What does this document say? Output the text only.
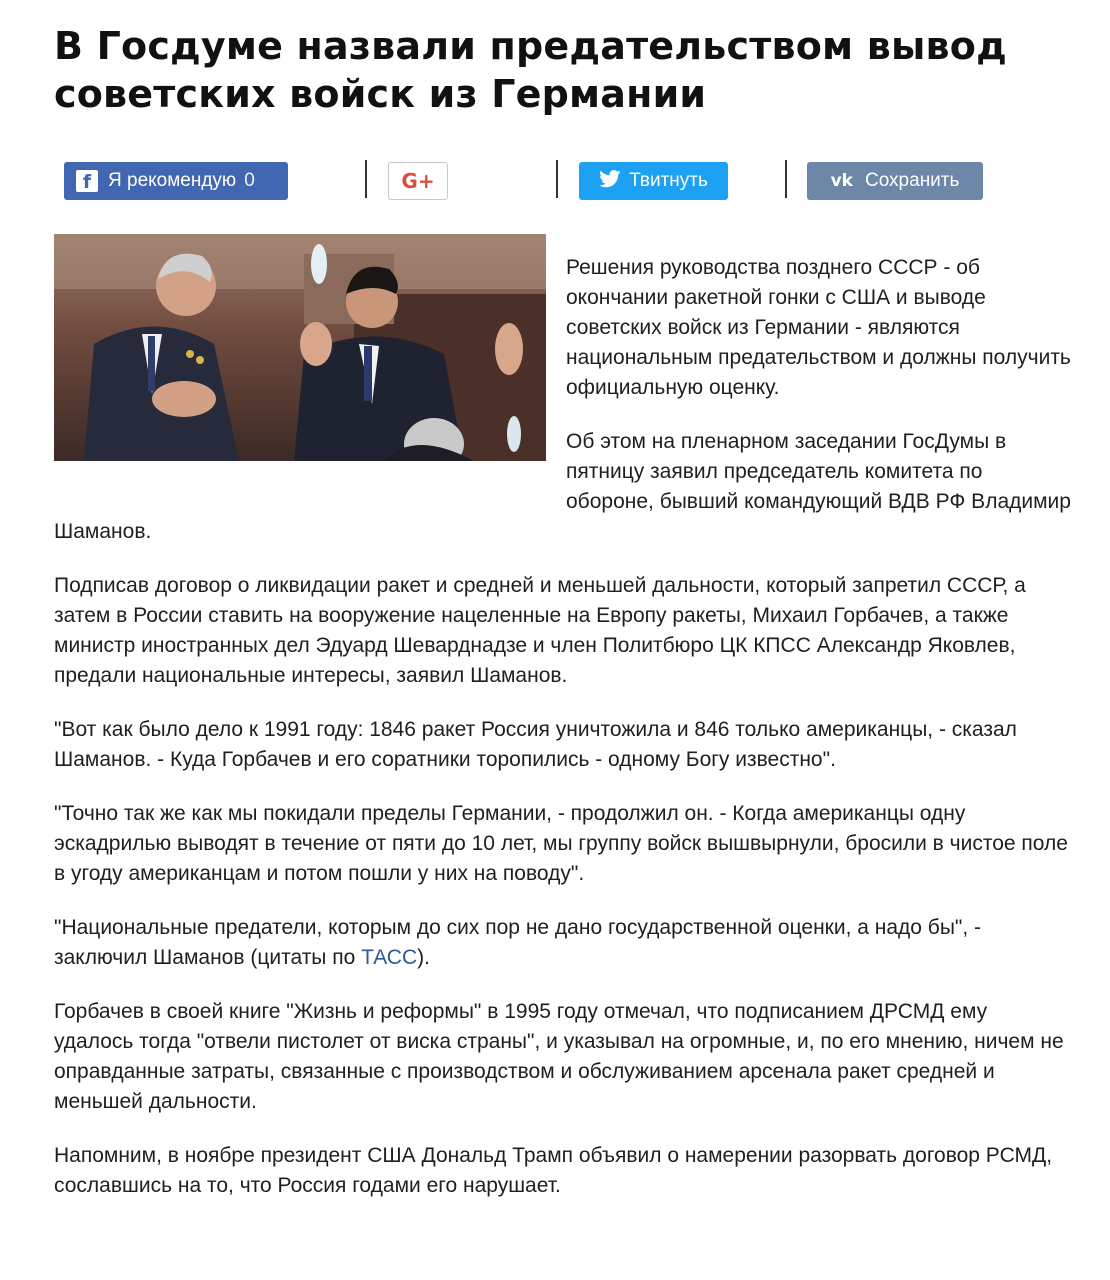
В Госдуме назвали предательством вывод советских войск из Германии
f Я рекомендую 0	G+	Твитнуть	vk Сохранить

Решения руководства позднего СССР - об окончании ракетной гонки с США и выводе советских войск из Германии - являются национальным предательством и должны получить официальную оценку.

Об этом на пленарном заседании ГосДумы в пятницу заявил председатель комитета по обороне, бывший командующий ВДВ РФ Владимир Шаманов.

Подписав договор о ликвидации ракет и средней и меньшей дальности, который запретил СССР, а затем в России ставить на вооружение нацеленные на Европу ракеты, Михаил Горбачев, а также министр иностранных дел Эдуард Шеварднадзе и член Политбюро ЦК КПСС Александр Яковлев, предали национальные интересы, заявил Шаманов.

"Вот как было дело к 1991 году: 1846 ракет Россия уничтожила и 846 только американцы, - сказал Шаманов. - Куда Горбачев и его соратники торопились - одному Богу известно".

"Точно так же как мы покидали пределы Германии, - продолжил он. - Когда американцы одну эскадрилью выводят в течение от пяти до 10 лет, мы группу войск вышвырнули, бросили в чистое поле в угоду американцам и потом пошли у них на поводу".

"Национальные предатели, которым до сих пор не дано государственной оценки, а надо бы", - заключил Шаманов (цитаты по ТАСС).

Горбачев в своей книге "Жизнь и реформы" в 1995 году отмечал, что подписанием ДРСМД ему удалось тогда "отвели пистолет от виска страны", и указывал на огромные, и, по его мнению, ничем не оправданные затраты, связанные с производством и обслуживанием арсенала ракет средней и меньшей дальности.

Напомним, в ноябре президент США Дональд Трамп объявил о намерении разорвать договор РСМД, сославшись на то, что Россия годами его нарушает.
